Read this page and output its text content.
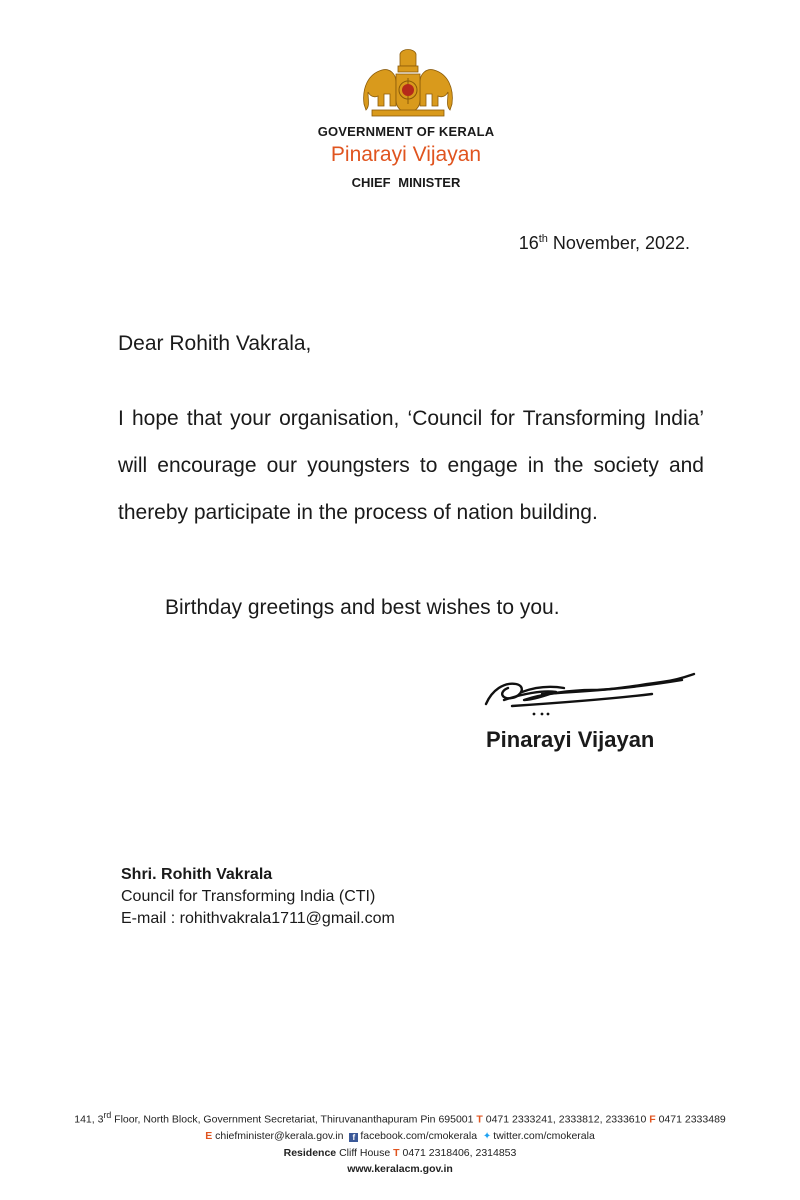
GOVERNMENT OF KERALA
Pinarayi Vijayan
CHIEF MINISTER
16th November, 2022.
Dear Rohith Vakrala,
I hope that your organisation, ‘Council for Transforming India’ will encourage our youngsters to engage in the society and thereby participate in the process of nation building.
Birthday greetings and best wishes to you.
Pinarayi Vijayan
Shri. Rohith Vakrala
Council for Transforming India (CTI)
E-mail : rohithvakrala1711@gmail.com
141, 3rd Floor, North Block, Government Secretariat, Thiruvananthapuram Pin 695001 T 0471 2333241, 2333812, 2333610 F 0471 2333489
E chiefminister@kerala.gov.in f facebook.com/cmokerala ✦ twitter.com/cmokerala
Residence Cliff House T 0471 2318406, 2314853
www.keralacm.gov.in
